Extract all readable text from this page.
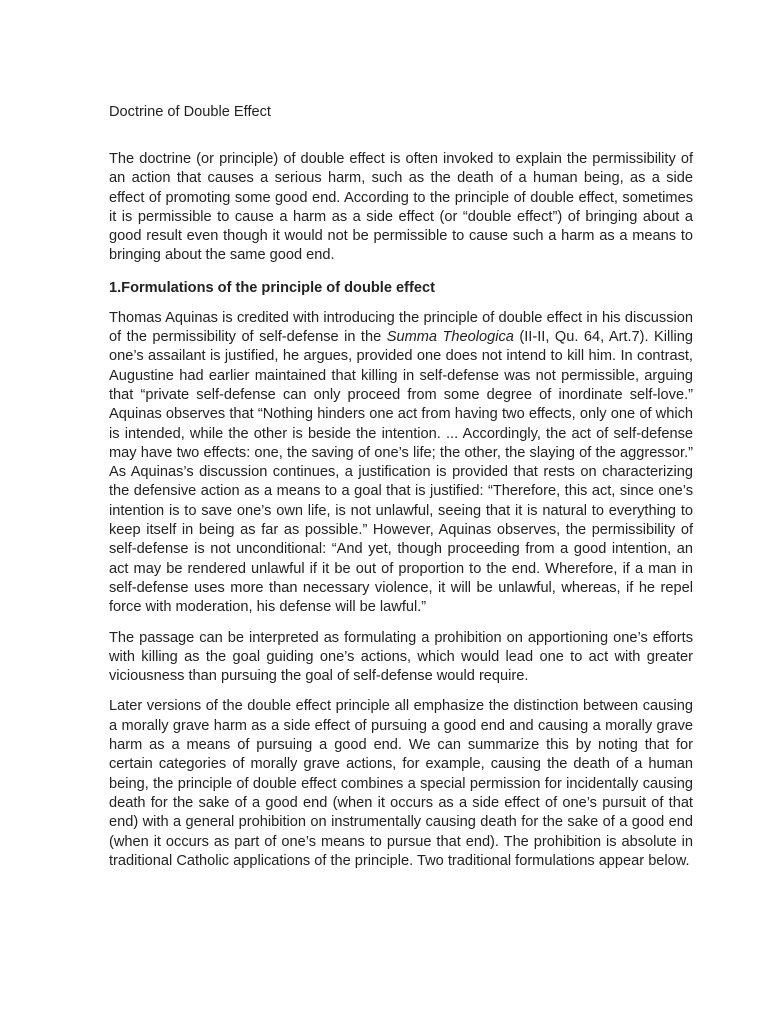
Doctrine of Double Effect

The doctrine (or principle) of double effect is often invoked to explain the permissibility of an action that causes a serious harm, such as the death of a human being, as a side effect of promoting some good end. According to the principle of double effect, sometimes it is permissible to cause a harm as a side effect (or “double effect”) of bringing about a good result even though it would not be permissible to cause such a harm as a means to bringing about the same good end.

1.Formulations of the principle of double effect

Thomas Aquinas is credited with introducing the principle of double effect in his discussion of the permissibility of self-defense in the Summa Theologica (II-II, Qu. 64, Art.7). Killing one’s assailant is justified, he argues, provided one does not intend to kill him. In contrast, Augustine had earlier maintained that killing in self-defense was not permissible, arguing that “private self-defense can only proceed from some degree of inordinate self-love.” Aquinas observes that “Nothing hinders one act from having two effects, only one of which is intended, while the other is beside the intention. ... Accordingly, the act of self-defense may have two effects: one, the saving of one’s life; the other, the slaying of the aggressor.” As Aquinas’s discussion continues, a justification is provided that rests on characterizing the defensive action as a means to a goal that is justified: “Therefore, this act, since one’s intention is to save one’s own life, is not unlawful, seeing that it is natural to everything to keep itself in being as far as possible.” However, Aquinas observes, the permissibility of self-defense is not unconditional: “And yet, though proceeding from a good intention, an act may be rendered unlawful if it be out of proportion to the end. Wherefore, if a man in self-defense uses more than necessary violence, it will be unlawful, whereas, if he repel force with moderation, his defense will be lawful.”

The passage can be interpreted as formulating a prohibition on apportioning one’s efforts with killing as the goal guiding one’s actions, which would lead one to act with greater viciousness than pursuing the goal of self-defense would require.

Later versions of the double effect principle all emphasize the distinction between causing a morally grave harm as a side effect of pursuing a good end and causing a morally grave harm as a means of pursuing a good end. We can summarize this by noting that for certain categories of morally grave actions, for example, causing the death of a human being, the principle of double effect combines a special permission for incidentally causing death for the sake of a good end (when it occurs as a side effect of one’s pursuit of that end) with a general prohibition on instrumentally causing death for the sake of a good end (when it occurs as part of one’s means to pursue that end). The prohibition is absolute in traditional Catholic applications of the principle. Two traditional formulations appear below.
